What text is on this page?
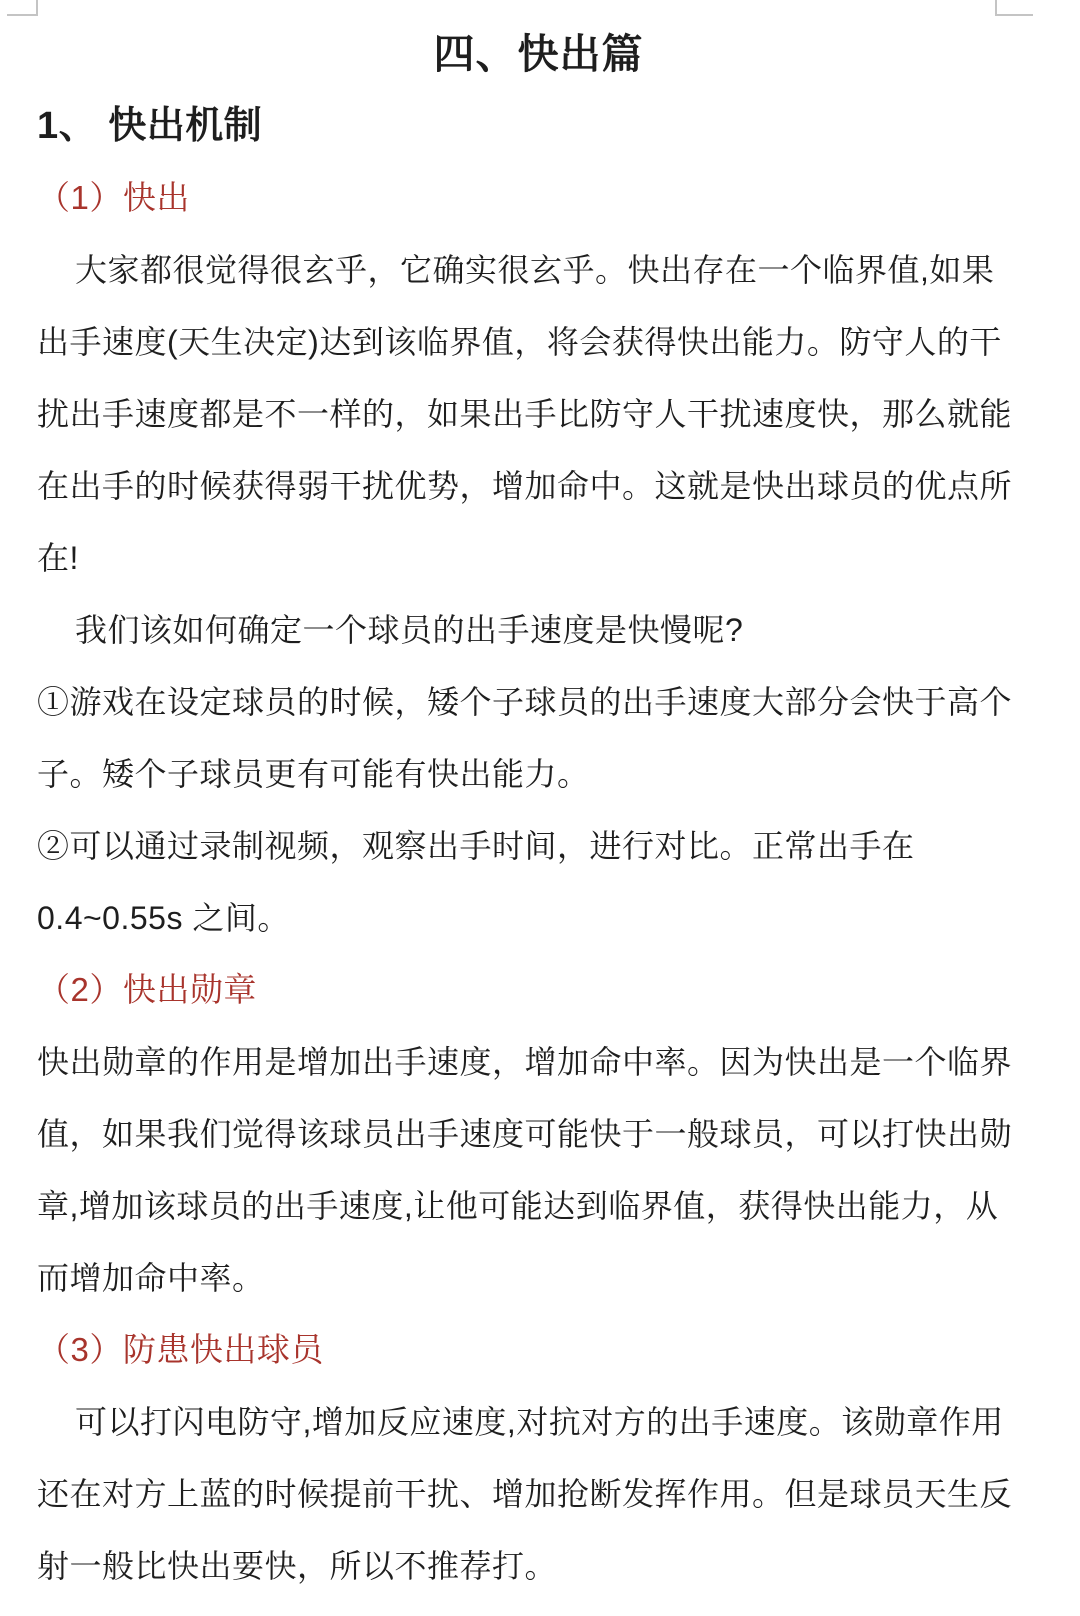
四、快出篇
1、 快出机制
（1）快出
大家都很觉得很玄乎，它确实很玄乎。快出存在一个临界值,如果
出手速度(天生决定)达到该临界值，将会获得快出能力。防守人的干
扰出手速度都是不一样的，如果出手比防守人干扰速度快，那么就能
在出手的时候获得弱干扰优势，增加命中。这就是快出球员的优点所
在!
我们该如何确定一个球员的出手速度是快慢呢?
①游戏在设定球员的时候，矮个子球员的出手速度大部分会快于高个
子。矮个子球员更有可能有快出能力。
②可以通过录制视频，观察出手时间，进行对比。正常出手在
0.4~0.55s 之间。
（2）快出勋章
快出勋章的作用是增加出手速度，增加命中率。因为快出是一个临界
值，如果我们觉得该球员出手速度可能快于一般球员，可以打快出勋
章,增加该球员的出手速度,让他可能达到临界值，获得快出能力，从
而增加命中率。
（3）防患快出球员
可以打闪电防守,增加反应速度,对抗对方的出手速度。该勋章作用
还在对方上蓝的时候提前干扰、增加抢断发挥作用。但是球员天生反
射一般比快出要快，所以不推荐打。
